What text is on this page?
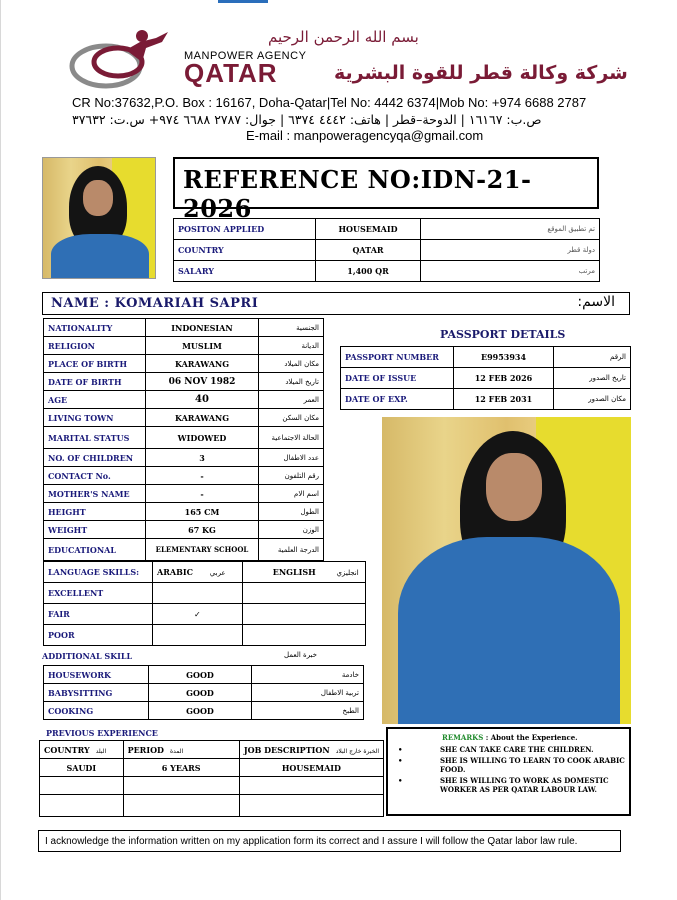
بسم الله الرحمن الرحيم
MANPOWER AGENCY
QATAR	شركة وكالة قطر للقوة البشرية
CR No:37632,P.O. Box : 16167, Doha-Qatar|Tel No: 4442 6374|Mob No: +974 6688 2787
ص.ب: ١٦١٦٧ | الدوحة–قطر | هاتف: ٤٤٤٢ ٦٣٧٤ | جوال: ٢٧٨٧ ٦٦٨٨ ٩٧٤+ س.ت: ٣٧٦٣٢
E-mail : manpoweragencyqa@gmail.com
REFERENCE NO:IDN-21-2026
POSITON APPLIED	HOUSEMAID	تم تطبيق الموقع
COUNTRY	QATAR	دولة قطر
SALARY	1,400 QR	مرتب
NAME : KOMARIAH SAPRI	الاسم:
NATIONALITY	INDONESIAN	الجنسية
RELIGION	MUSLIM	الديانة
PLACE OF BIRTH	KARAWANG	مكان الميلاد
DATE OF BIRTH	06 NOV 1982	تاريخ الميلاد
AGE	40	العمر
LIVING TOWN	KARAWANG	مكان السكن
MARITAL STATUS	WIDOWED	الحالة الاجتماعية
NO. OF CHILDREN	3	عدد الاطفال
CONTACT No.	-	رقم التلفون
MOTHER'S NAME	-	اسم الام
HEIGHT	165 CM	الطول
WEIGHT	67 KG	الوزن
EDUCATIONAL	ELEMENTARY SCHOOL	الدرجة العلمية
PASSPORT DETAILS
PASSPORT NUMBER	E9953934	الرقم
DATE OF ISSUE	12 FEB 2026	تاريخ الصدور
DATE OF EXP.	12 FEB 2031	مكان الصدور
LANGUAGE SKILLS:	ARABIC عربي	ENGLISH انجليزي
EXCELLENT		
FAIR	✓	
POOR		
ADDITIONAL SKILL	خبرة العمل
HOUSEWORK	GOOD	خادمة
BABYSITTING	GOOD	تربية الاطفال
COOKING	GOOD	الطبخ
PREVIOUS EXPERIENCE
COUNTRY البلد	PERIOD المدة	JOB DESCRIPTION الخبرة خارج البلاد
SAUDI	6 YEARS	HOUSEMAID

REMARKS : About the Experience.
•	SHE CAN TAKE CARE THE CHILDREN.
•	SHE IS WILLING TO LEARN TO COOK ARABIC FOOD.
•	SHE IS WILLING TO WORK AS DOMESTIC WORKER AS PER QATAR LABOUR LAW.
I acknowledge the information written on my application form its correct and I assure I will follow the Qatar labor law rule.
